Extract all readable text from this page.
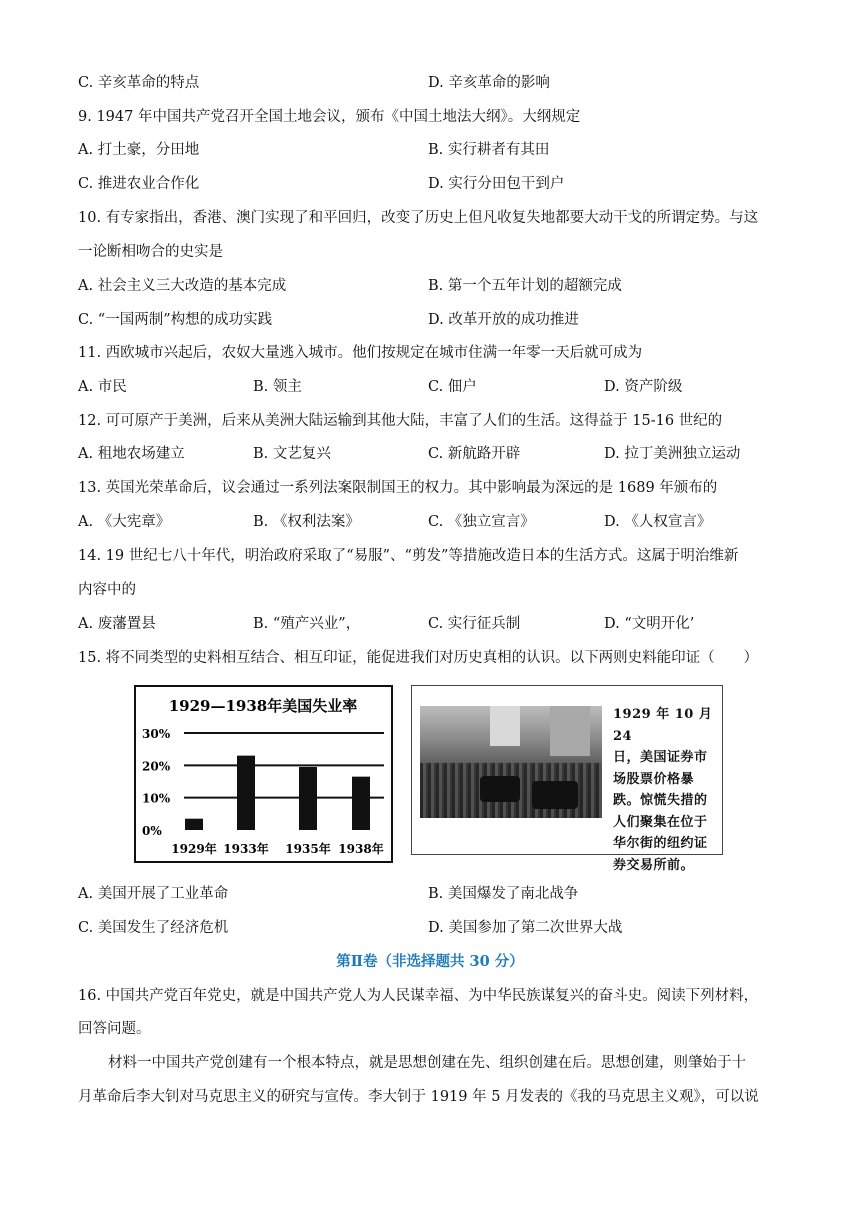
C. 辛亥革命的特点	D. 辛亥革命的影响
9. 1947 年中国共产党召开全国土地会议，颁布《中国土地法大纲》。大纲规定
A. 打土豪，分田地	B. 实行耕者有其田
C. 推进农业合作化	D. 实行分田包干到户
10. 有专家指出，香港、澳门实现了和平回归，改变了历史上但凡收复失地都要大动干戈的所谓定势。与这
一论断相吻合的史实是
A. 社会主义三大改造的基本完成	B. 第一个五年计划的超额完成
C. “一国两制”构想的成功实践	D. 改革开放的成功推进
11. 西欧城市兴起后，农奴大量逃入城市。他们按规定在城市住满一年零一天后就可成为
A. 市民	B. 领主	C. 佃户	D. 资产阶级
12. 可可原产于美洲，后来从美洲大陆运输到其他大陆，丰富了人们的生活。这得益于 15-16 世纪的
A. 租地农场建立	B. 文艺复兴	C. 新航路开辟	D. 拉丁美洲独立运动
13. 英国光荣革命后，议会通过一系列法案限制国王的权力。其中影响最为深远的是 1689 年颁布的
A. 《大宪章》	B. 《权利法案》	C. 《独立宣言》	D. 《人权宣言》
14. 19 世纪七八十年代，明治政府采取了“易服”、“剪发”等措施改造日本的生活方式。这属于明治维新
内容中的
A. 废藩置县	B. “殖产兴业”，	C. 实行征兵制	D. “文明开化’
15. 将不同类型的史料相互结合、相互印证，能促进我们对历史真相的认识。以下两则史料能印证（　　）
1929—1938年美国失业率
30%
20%
10%
0%
1929年 1933年 1935年 1938年
1929 年 10 月 24
日，美国证券市
场股票价格暴
跌。惊慌失措的
人们聚集在位于
华尔街的纽约证
券交易所前。
A. 美国开展了工业革命	B. 美国爆发了南北战争
C. 美国发生了经济危机	D. 美国参加了第二次世界大战
第Ⅱ卷（非选择题共 30 分）
16. 中国共产党百年党史，就是中国共产党人为人民谋幸福、为中华民族谋复兴的奋斗史。阅读下列材料，
回答问题。
材料一中国共产党创建有一个根本特点，就是思想创建在先、组织创建在后。思想创建，则肇始于十
月革命后李大钊对马克思主义的研究与宣传。李大钊于 1919 年 5 月发表的《我的马克思主义观》，可以说
